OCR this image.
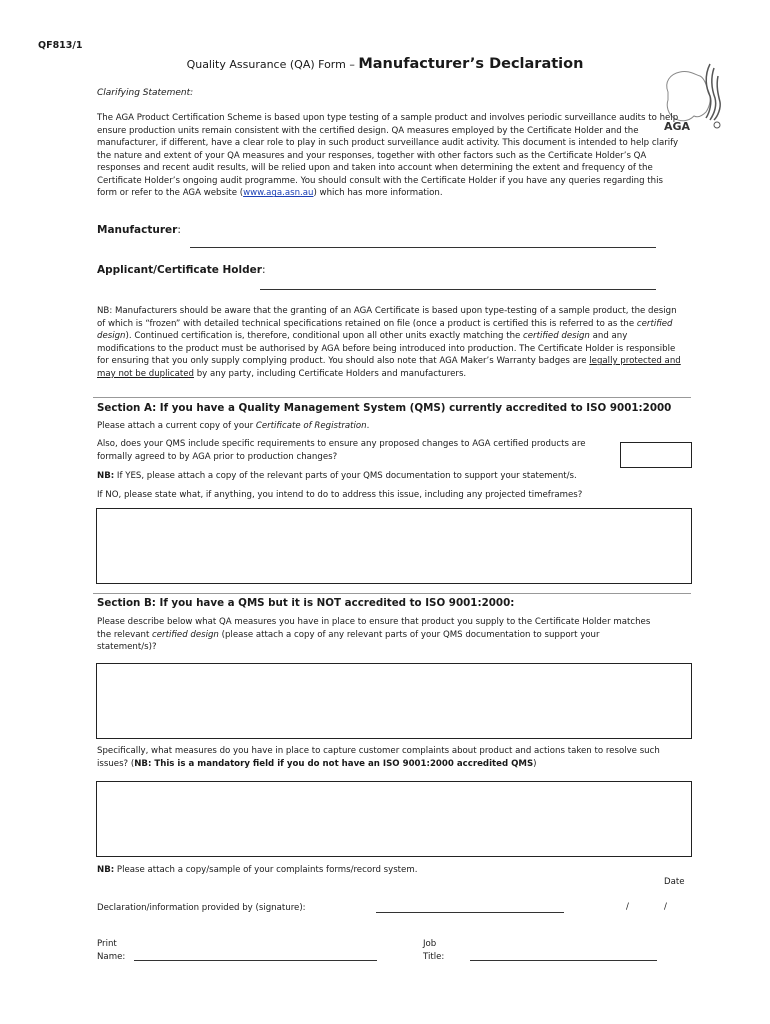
QF813/1
Quality Assurance (QA) Form – Manufacturer’s Declaration
AGA
Clarifying Statement:
The AGA Product Certification Scheme is based upon type testing of a sample product and involves periodic surveillance audits to help ensure production units remain consistent with the certified design. QA measures employed by the Certificate Holder and the manufacturer, if different, have a clear role to play in such product surveillance audit activity. This document is intended to help clarify the nature and extent of your QA measures and your responses, together with other factors such as the Certificate Holder’s QA responses and recent audit results, will be relied upon and taken into account when determining the extent and frequency of the Certificate Holder’s ongoing audit programme. You should consult with the Certificate Holder if you have any queries regarding this form or refer to the AGA website (www.aga.asn.au) which has more information.
Manufacturer:
Applicant/Certificate Holder:
NB: Manufacturers should be aware that the granting of an AGA Certificate is based upon type-testing of a sample product, the design of which is “frozen” with detailed technical specifications retained on file (once a product is certified this is referred to as the certified design). Continued certification is, therefore, conditional upon all other units exactly matching the certified design and any modifications to the product must be authorised by AGA before being introduced into production. The Certificate Holder is responsible for ensuring that you only supply complying product. You should also note that AGA Maker’s Warranty badges are legally protected and may not be duplicated by any party, including Certificate Holders and manufacturers.
Section A: If you have a Quality Management System (QMS) currently accredited to ISO 9001:2000
Please attach a current copy of your Certificate of Registration.
Also, does your QMS include specific requirements to ensure any proposed changes to AGA certified products are formally agreed to by AGA prior to production changes?
NB: If YES, please attach a copy of the relevant parts of your QMS documentation to support your statement/s.
If NO, please state what, if anything, you intend to do to address this issue, including any projected timeframes?
Section B: If you have a QMS but it is NOT accredited to ISO 9001:2000:
Please describe below what QA measures you have in place to ensure that product you supply to the Certificate Holder matches the relevant certified design (please attach a copy of any relevant parts of your QMS documentation to support your statement/s)?
Specifically, what measures do you have in place to capture customer complaints about product and actions taken to resolve such issues? (NB: This is a mandatory field if you do not have an ISO 9001:2000 accredited QMS)
NB: Please attach a copy/sample of your complaints forms/record system.
Date
Declaration/information provided by (signature):	/	/
Print
Name:
Job
Title:
